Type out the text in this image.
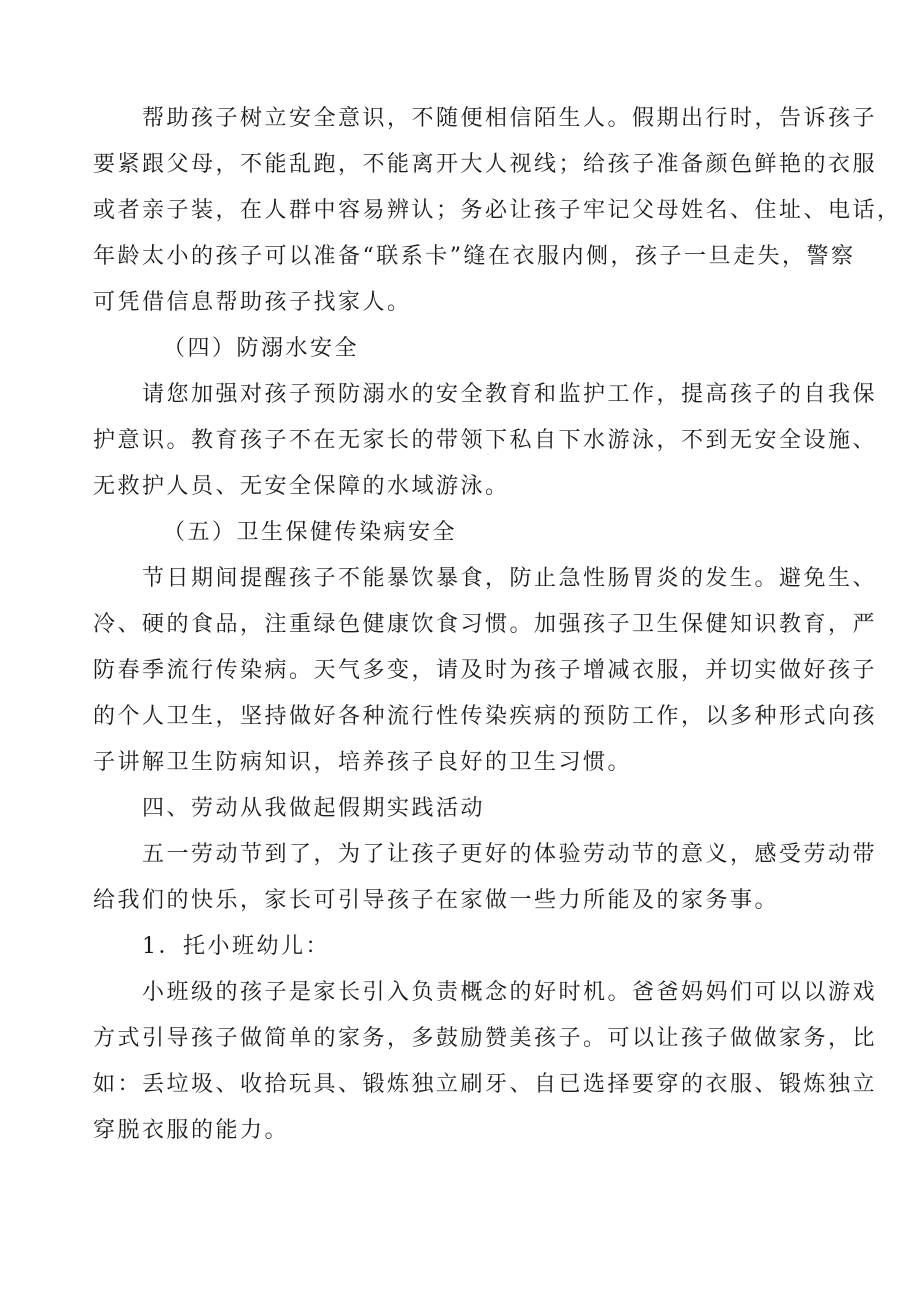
帮助孩子树立安全意识，不随便相信陌生人。假期出行时，告诉孩子
要紧跟父母，不能乱跑，不能离开大人视线；给孩子准备颜色鲜艳的衣服
或者亲子装，在人群中容易辨认；务必让孩子牢记父母姓名、住址、电话，
年龄太小的孩子可以准备“联系卡”缝在衣服内侧，孩子一旦走失，警察
可凭借信息帮助孩子找家人。
（四）防溺水安全
请您加强对孩子预防溺水的安全教育和监护工作，提高孩子的自我保
护意识。教育孩子不在无家长的带领下私自下水游泳，不到无安全设施、
无救护人员、无安全保障的水域游泳。
（五）卫生保健传染病安全
节日期间提醒孩子不能暴饮暴食，防止急性肠胃炎的发生。避免生、
冷、硬的食品，注重绿色健康饮食习惯。加强孩子卫生保健知识教育，严
防春季流行传染病。天气多变，请及时为孩子增减衣服，并切实做好孩子
的个人卫生，坚持做好各种流行性传染疾病的预防工作，以多种形式向孩
子讲解卫生防病知识，培养孩子良好的卫生习惯。
四、劳动从我做起假期实践活动
五一劳动节到了，为了让孩子更好的体验劳动节的意义，感受劳动带
给我们的快乐，家长可引导孩子在家做一些力所能及的家务事。
1．托小班幼儿：
小班级的孩子是家长引入负责概念的好时机。爸爸妈妈们可以以游戏
方式引导孩子做简单的家务，多鼓励赞美孩子。可以让孩子做做家务，比
如：丢垃圾、收拾玩具、锻炼独立刷牙、自已选择要穿的衣服、锻炼独立
穿脱衣服的能力。
